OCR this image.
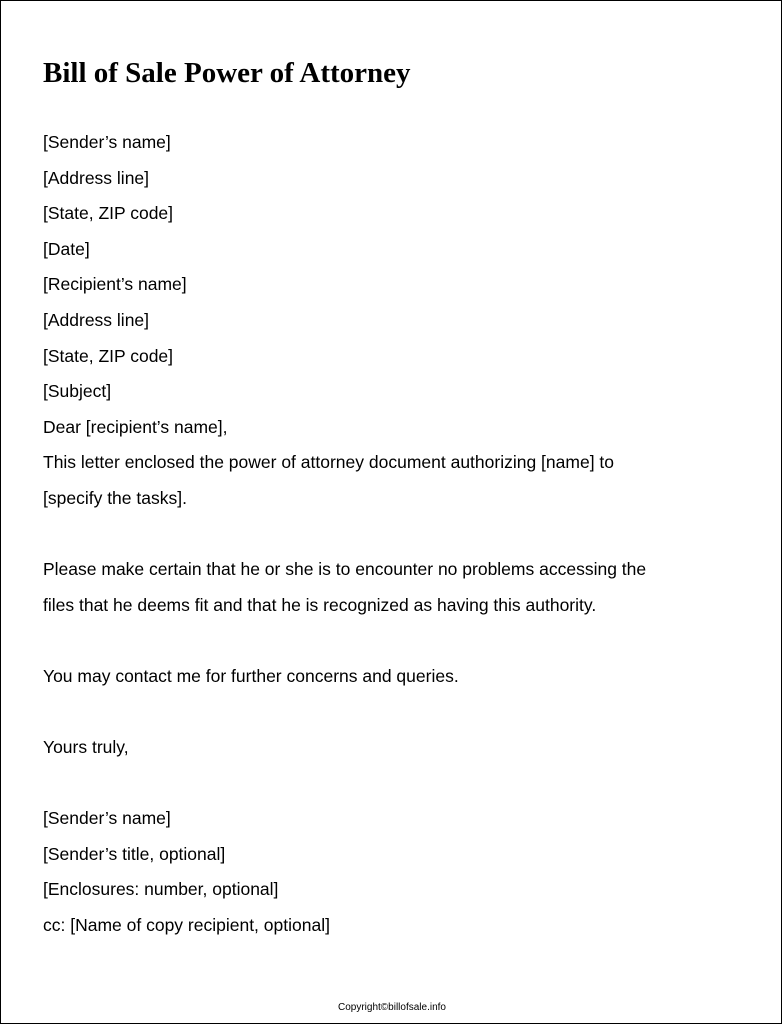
Bill of Sale Power of Attorney
[Sender’s name]
[Address line]
[State, ZIP code]
[Date]
[Recipient’s name]
[Address line]
[State, ZIP code]
[Subject]
Dear [recipient’s name],
This letter enclosed the power of attorney document authorizing [name] to
[specify the tasks].
Please make certain that he or she is to encounter no problems accessing the
files that he deems fit and that he is recognized as having this authority.
You may contact me for further concerns and queries.
Yours truly,
[Sender’s name]
[Sender’s title, optional]
[Enclosures: number, optional]
cc: [Name of copy recipient, optional]
Copyright©billofsale.info
